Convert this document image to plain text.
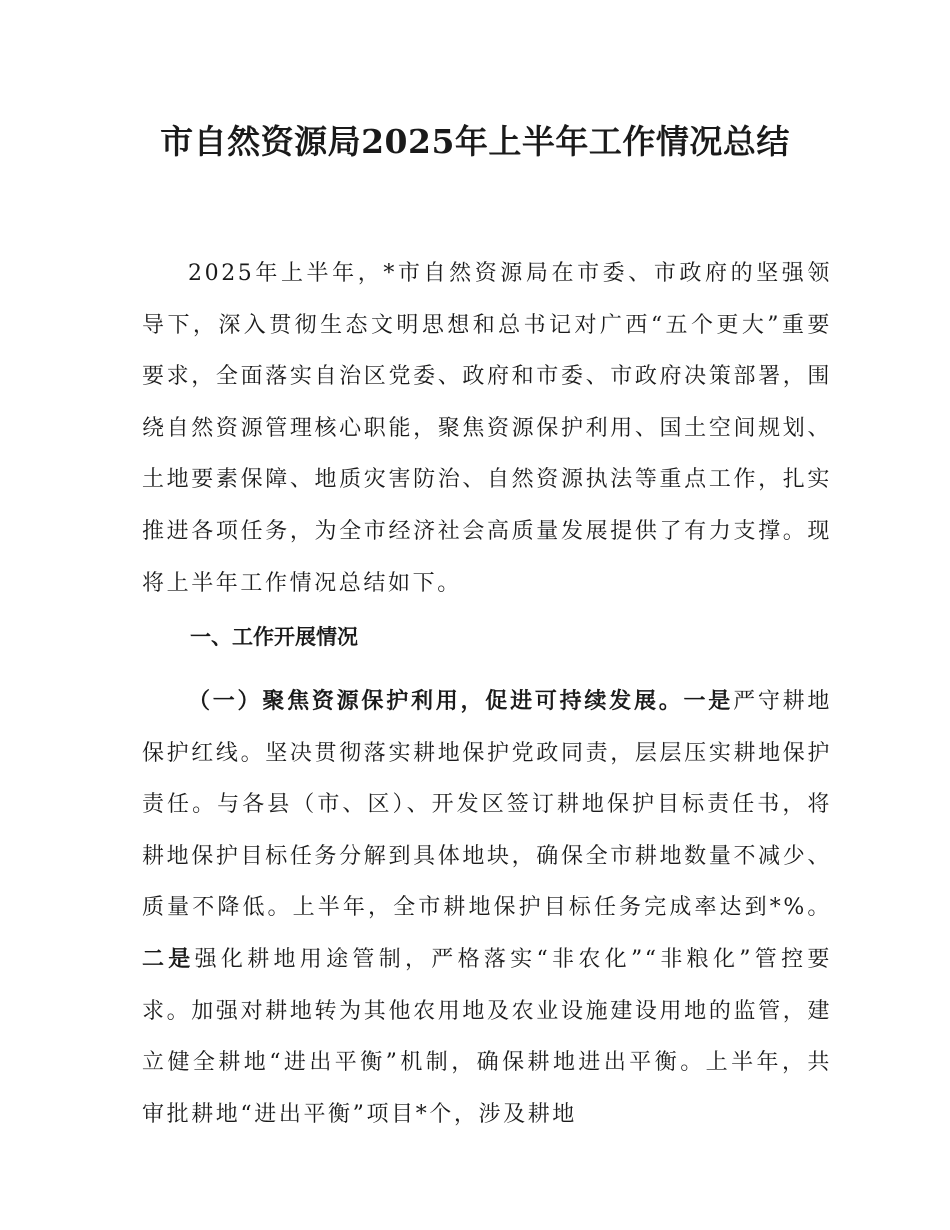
市自然资源局2025年上半年工作情况总结

2025年上半年，*市自然资源局在市委、市政府的坚强领导下，深入贯彻生态文明思想和总书记对广西“五个更大”重要要求，全面落实自治区党委、政府和市委、市政府决策部署，围绕自然资源管理核心职能，聚焦资源保护利用、国土空间规划、土地要素保障、地质灾害防治、自然资源执法等重点工作，扎实推进各项任务，为全市经济社会高质量发展提供了有力支撑。现将上半年工作情况总结如下。

一、工作开展情况

（一）聚焦资源保护利用，促进可持续发展。一是严守耕地保护红线。坚决贯彻落实耕地保护党政同责，层层压实耕地保护责任。与各县（市、区）、开发区签订耕地保护目标责任书，将耕地保护目标任务分解到具体地块，确保全市耕地数量不减少、质量不降低。上半年，全市耕地保护目标任务完成率达到*%。二是强化耕地用途管制，严格落实“非农化”“非粮化”管控要求。加强对耕地转为其他农用地及农业设施建设用地的监管，建立健全耕地“进出平衡”机制，确保耕地进出平衡。上半年，共审批耕地“进出平衡”项目*个，涉及耕地
